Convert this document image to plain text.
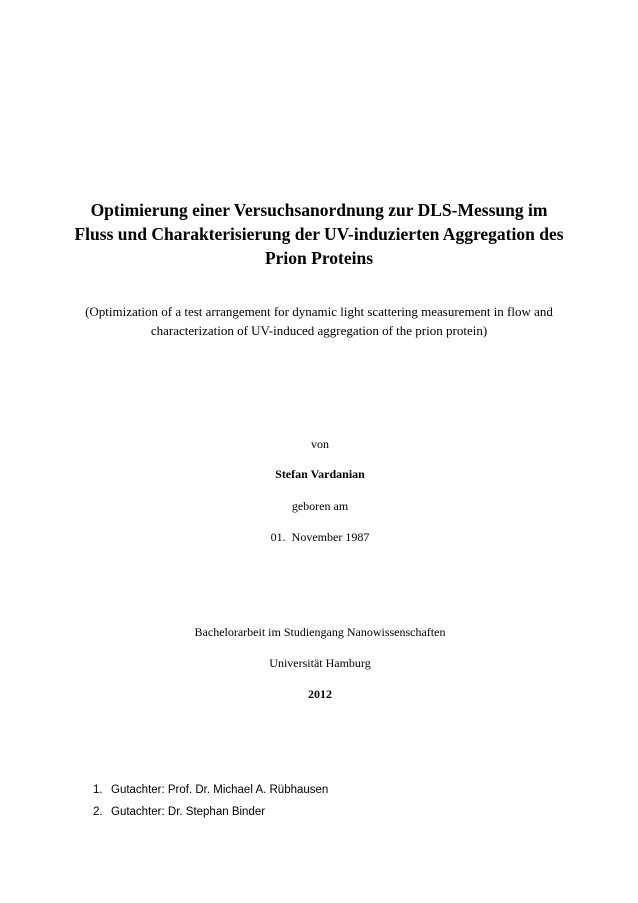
Optimierung einer Versuchsanordnung zur DLS-Messung im
Fluss und Charakterisierung der UV-induzierten Aggregation des
Prion Proteins
(Optimization of a test arrangement for dynamic light scattering measurement in flow and
characterization of UV-induced aggregation of the prion protein)
von
Stefan Vardanian
geboren am
01.  November 1987
Bachelorarbeit im Studiengang Nanowissenschaften
Universität Hamburg
2012
1. Gutachter: Prof. Dr. Michael A. Rübhausen
2. Gutachter: Dr. Stephan Binder
